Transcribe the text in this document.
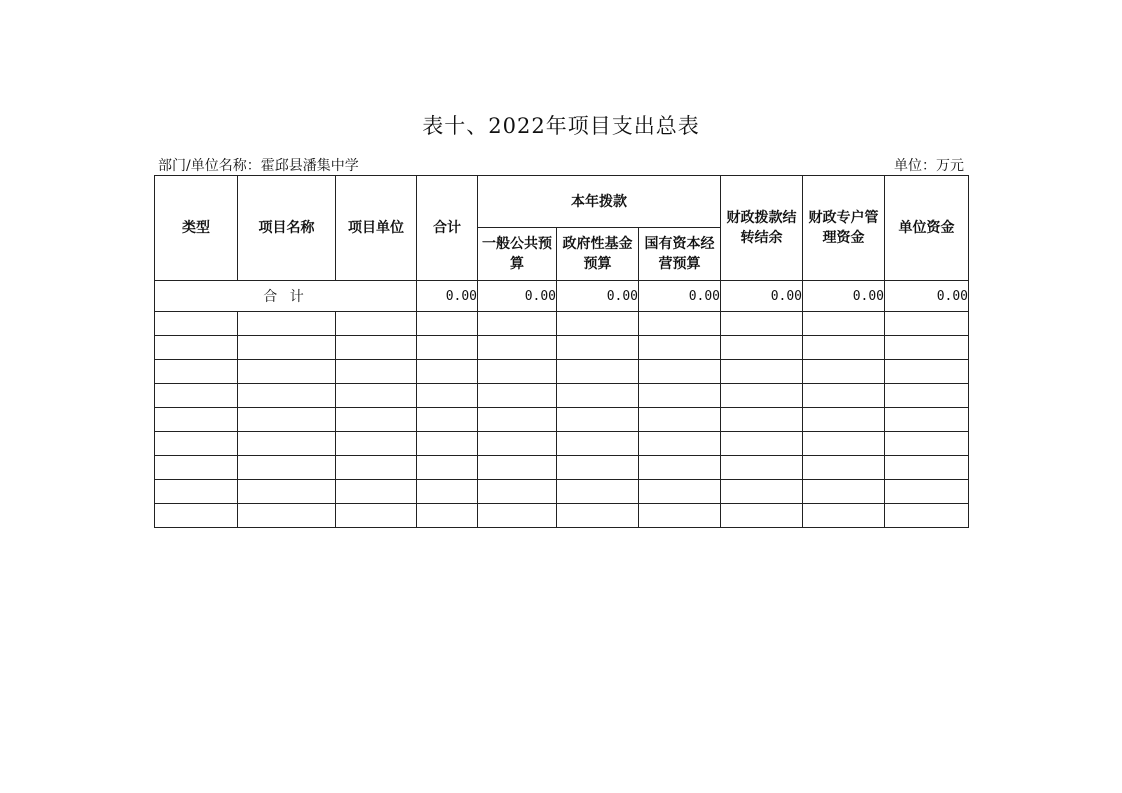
表十、2022年项目支出总表
部门/单位名称：霍邱县潘集中学	单位：万元
类型	项目名称	项目单位	合计	本年拨款			财政拨款结转结余	财政专户管理资金	单位资金
				一般公共预算	政府性基金预算	国有资本经营预算			
合 计			0.00	0.00	0.00	0.00	0.00	0.00	0.00
